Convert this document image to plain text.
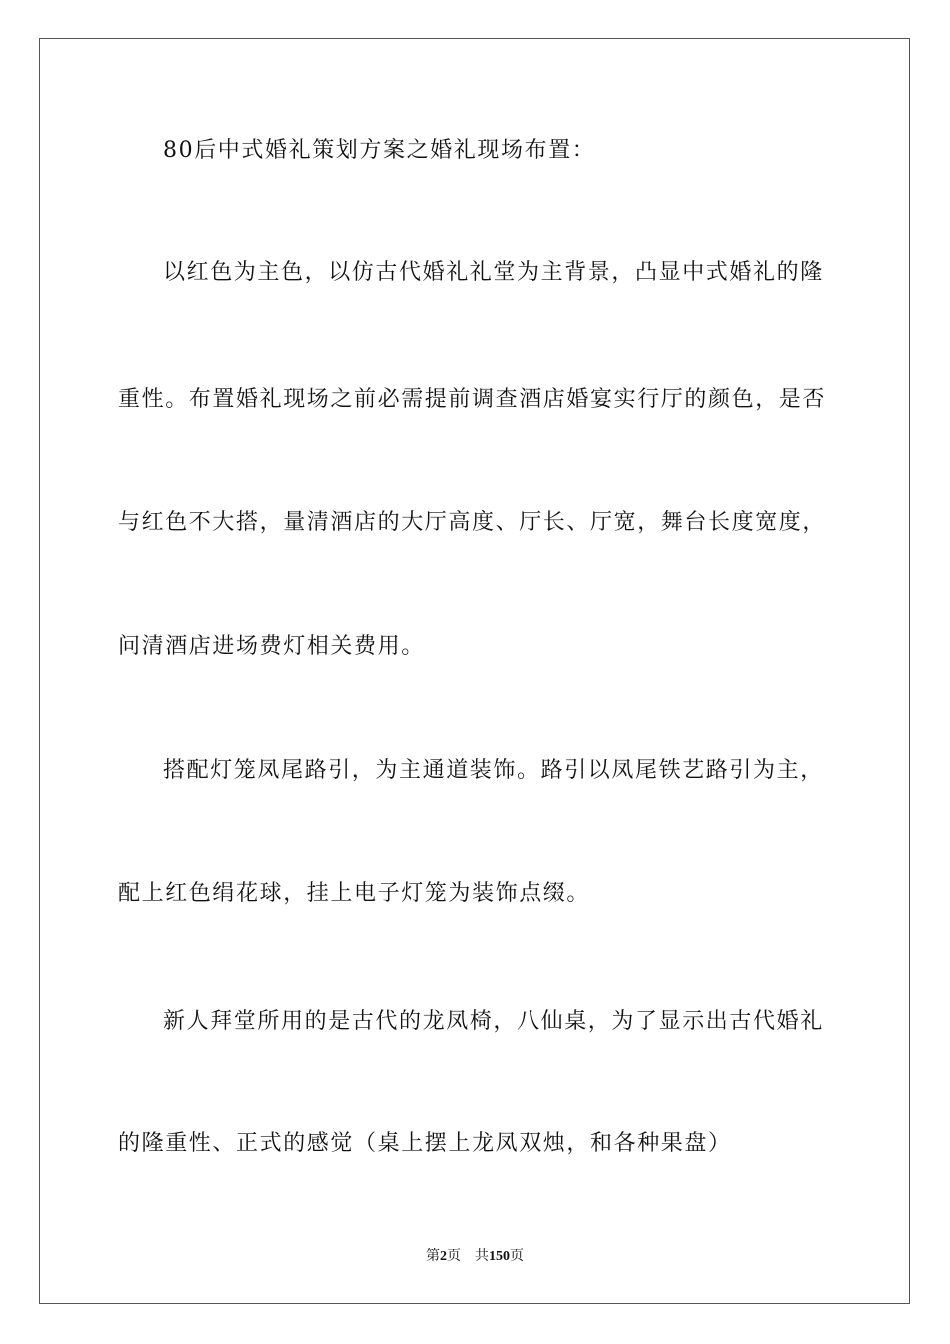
80后中式婚礼策划方案之婚礼现场布置：
以红色为主色，以仿古代婚礼礼堂为主背景，凸显中式婚礼的隆
重性。布置婚礼现场之前必需提前调查酒店婚宴实行厅的颜色，是否
与红色不大搭，量清酒店的大厅高度、厅长、厅宽，舞台长度宽度，
问清酒店进场费灯相关费用。
搭配灯笼凤尾路引，为主通道装饰。路引以凤尾铁艺路引为主，
配上红色绢花球，挂上电子灯笼为装饰点缀。
新人拜堂所用的是古代的龙凤椅，八仙桌，为了显示出古代婚礼
的隆重性、正式的感觉（桌上摆上龙凤双烛，和各种果盘）
第2页 共150页
